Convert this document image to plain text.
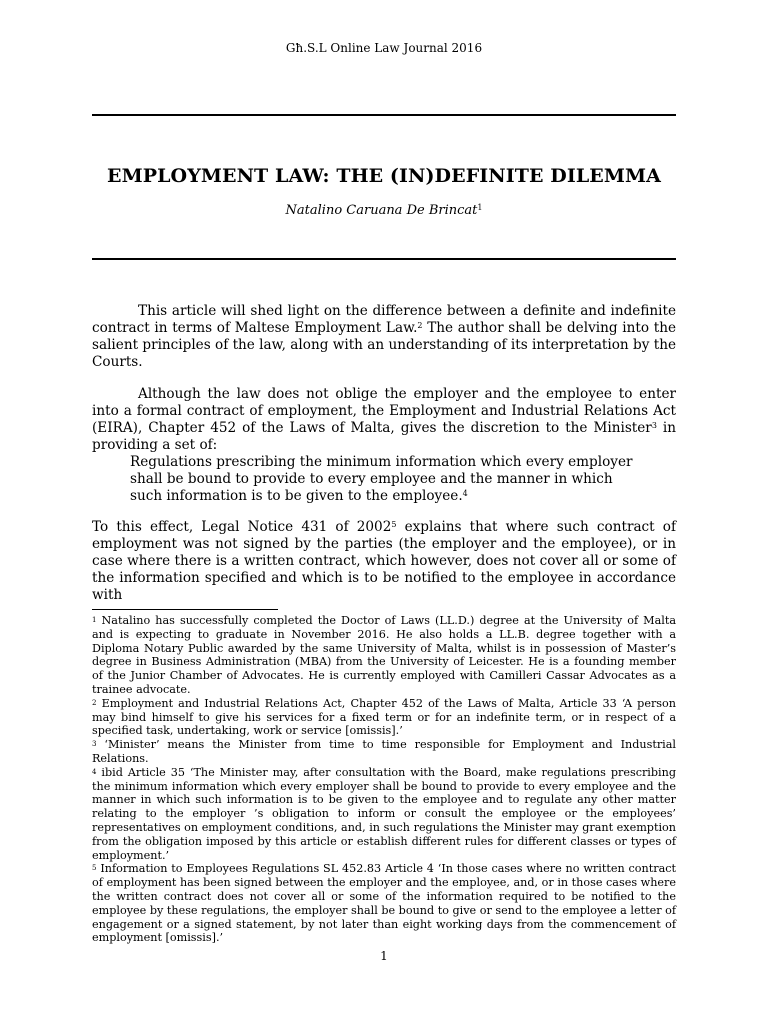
Għ.S.L Online Law Journal 2016
EMPLOYMENT LAW: THE (IN)DEFINITE DILEMMA
Natalino Caruana De Brincat$^1$

This article will shed light on the difference between a definite and indefinite contract in terms of Maltese Employment Law.$^2$ The author shall be delving into the salient principles of the law, along with an understanding of its interpretation by the Courts.

Although the law does not oblige the employer and the employee to enter into a formal contract of employment, the Employment and Industrial Relations Act (EIRA), Chapter 452 of the Laws of Malta, gives the discretion to the Minister$^3$ in providing a set of:

Regulations prescribing the minimum information which every employer shall be bound to provide to every employee and the manner in which such information is to be given to the employee.$^4$

To this effect, Legal Notice 431 of 2002$^5$ explains that where such contract of employment was not signed by the parties (the employer and the employee), or in case where there is a written contract, which however, does not cover all or some of the information specified and which is to be notified to the employee in accordance with

$^1$ Natalino has successfully completed the Doctor of Laws (LL.D.) degree at the University of Malta and is expecting to graduate in November 2016. He also holds a LL.B. degree together with a Diploma Notary Public awarded by the same University of Malta, whilst is in possession of Master’s degree in Business Administration (MBA) from the University of Leicester. He is a founding member of the Junior Chamber of Advocates. He is currently employed with Camilleri Cassar Advocates as a trainee advocate.

$^2$ Employment and Industrial Relations Act, Chapter 452 of the Laws of Malta, Article 33 ‘A person may bind himself to give his services for a fixed term or for an indefinite term, or in respect of a specified task, undertaking, work or service [omissis].’

$^3$ ‘Minister’ means the Minister from time to time responsible for Employment and Industrial Relations.

$^4$ ibid Article 35 ‘The Minister may, after consultation with the Board, make regulations prescribing the minimum information which every employer shall be bound to provide to every employee and the manner in which such information is to be given to the employee and to regulate any other matter relating to the employer ’s obligation to inform or consult the employee or the employees’ representatives on employment conditions, and, in such regulations the Minister may grant exemption from the obligation imposed by this article or establish different rules for different classes or types of employment.’

$^5$ Information to Employees Regulations SL 452.83 Article 4 ‘In those cases where no written contract of employment has been signed between the employer and the employee, and, or in those cases where the written contract does not cover all or some of the information required to be notified to the employee by these regulations, the employer shall be bound to give or send to the employee a letter of engagement or a signed statement, by not later than eight working days from the commencement of employment [omissis].’

1
